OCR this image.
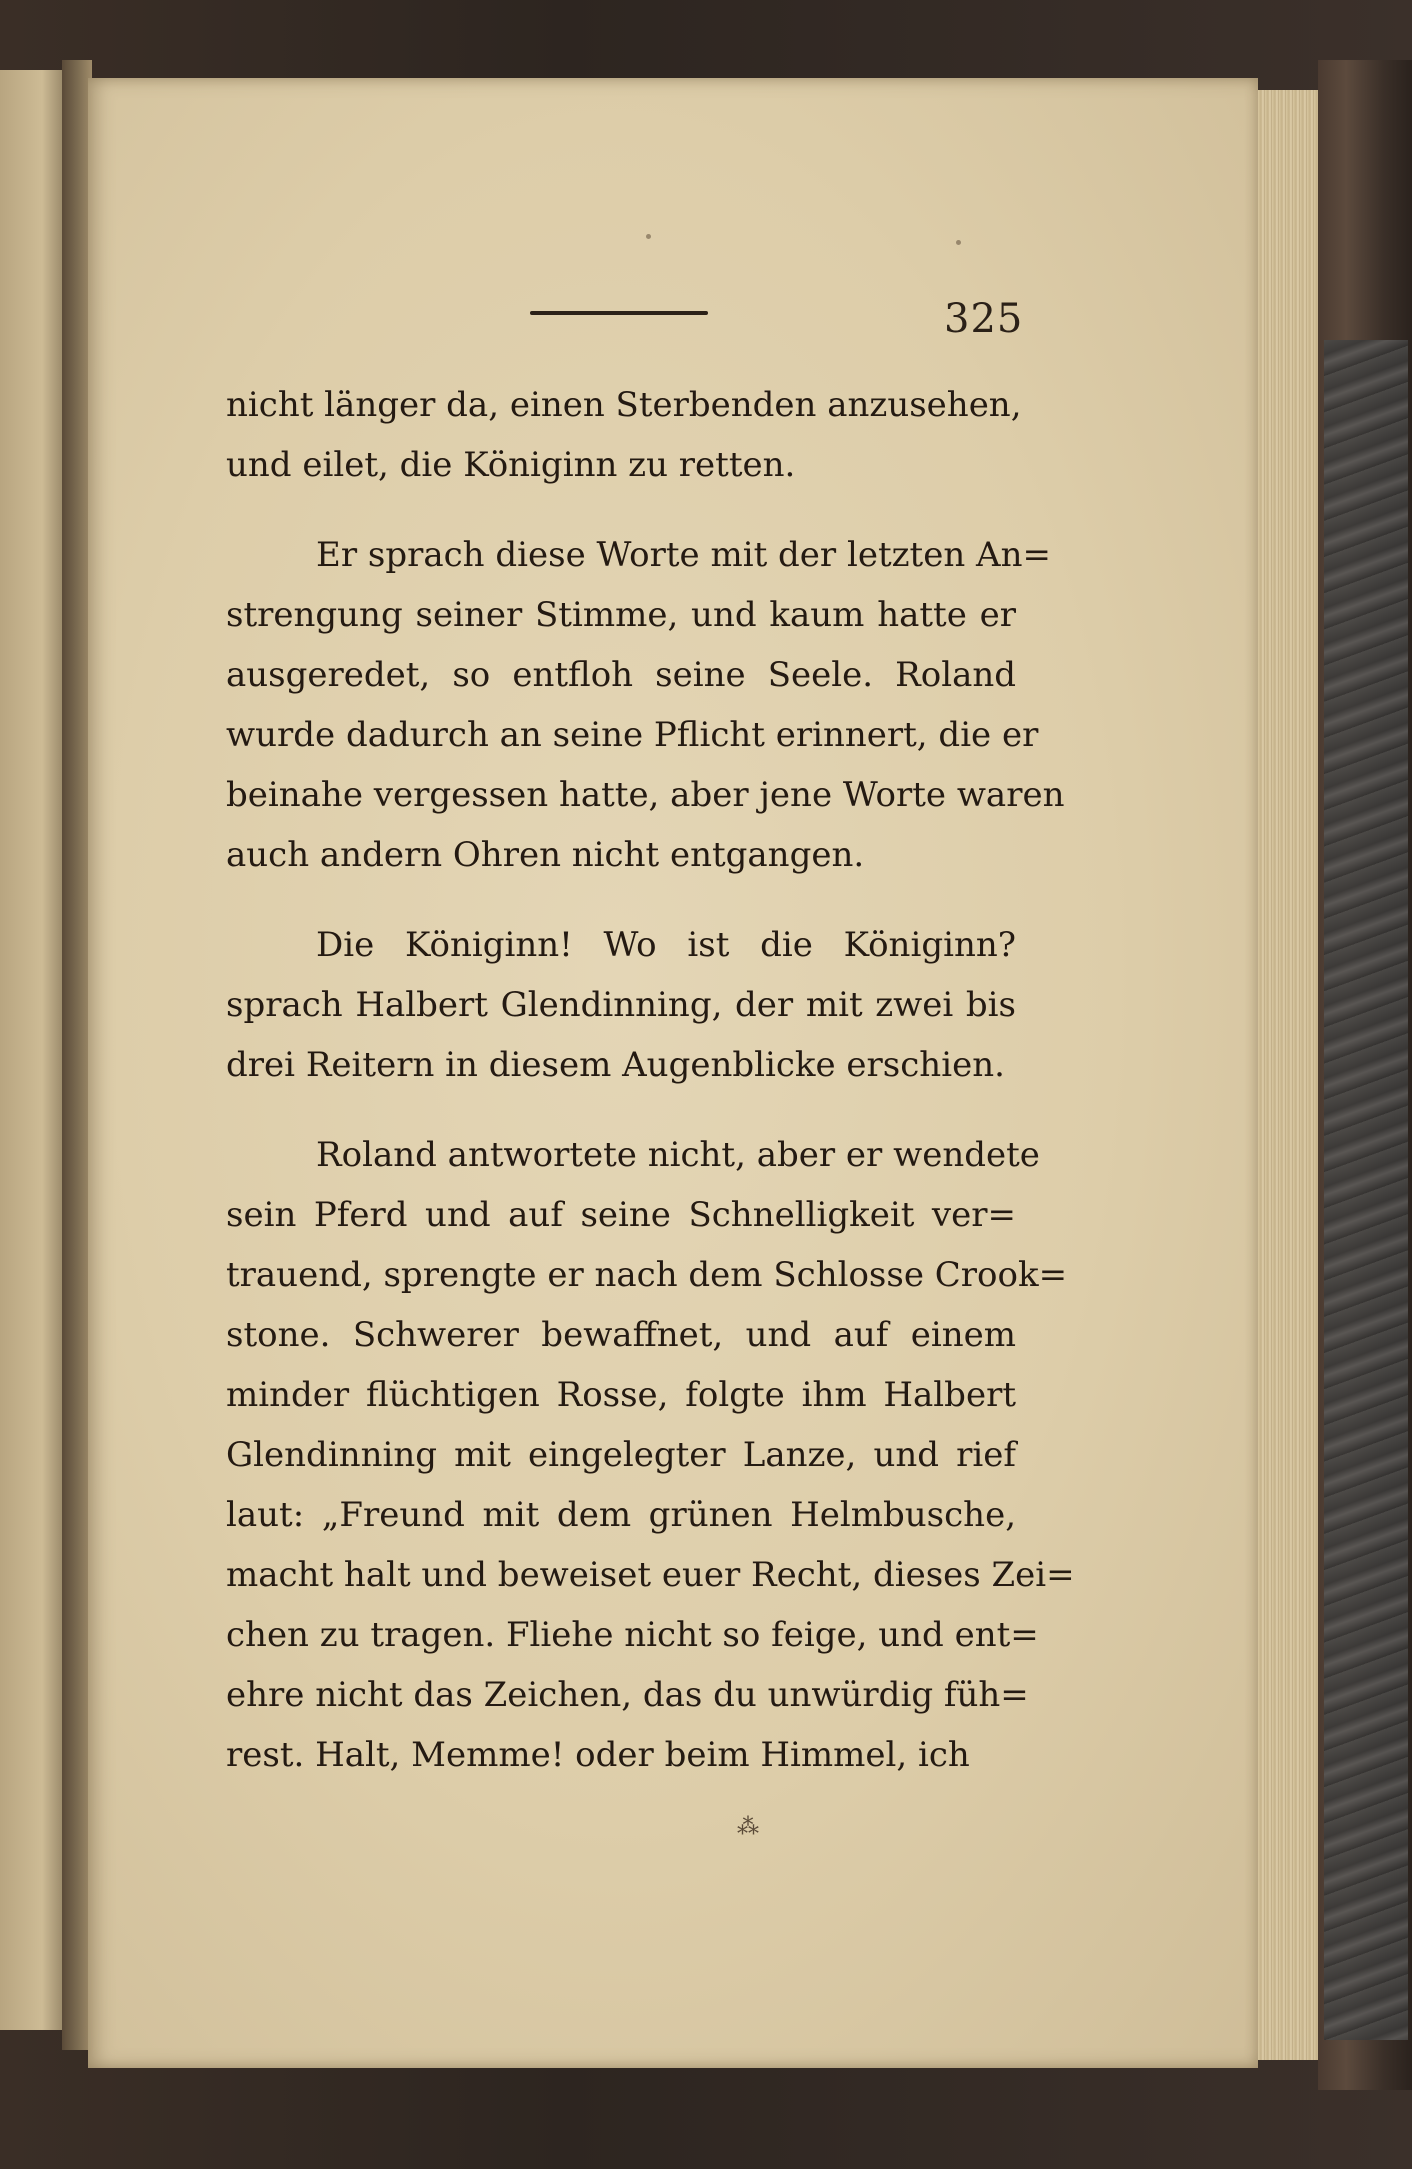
325
nicht länger da, einen Sterbenden anzusehen,
und eilet, die Königinn zu retten.
Er sprach diese Worte mit der letzten An=
strengung seiner Stimme, und kaum hatte er
ausgeredet, so entfloh seine Seele. Roland
wurde dadurch an seine Pflicht erinnert, die er
beinahe vergessen hatte, aber jene Worte waren
auch andern Ohren nicht entgangen.
Die Königinn! Wo ist die Königinn?
sprach Halbert Glendinning, der mit zwei bis
drei Reitern in diesem Augenblicke erschien.
Roland antwortete nicht, aber er wendete
sein Pferd und auf seine Schnelligkeit ver=
trauend, sprengte er nach dem Schlosse Crook=
stone. Schwerer bewaffnet, und auf einem
minder flüchtigen Rosse, folgte ihm Halbert
Glendinning mit eingelegter Lanze, und rief
laut: „Freund mit dem grünen Helmbusche,
macht halt und beweiset euer Recht, dieses Zei=
chen zu tragen. Fliehe nicht so feige, und ent=
ehre nicht das Zeichen, das du unwürdig füh=
rest. Halt, Memme! oder beim Himmel, ich
⁂
